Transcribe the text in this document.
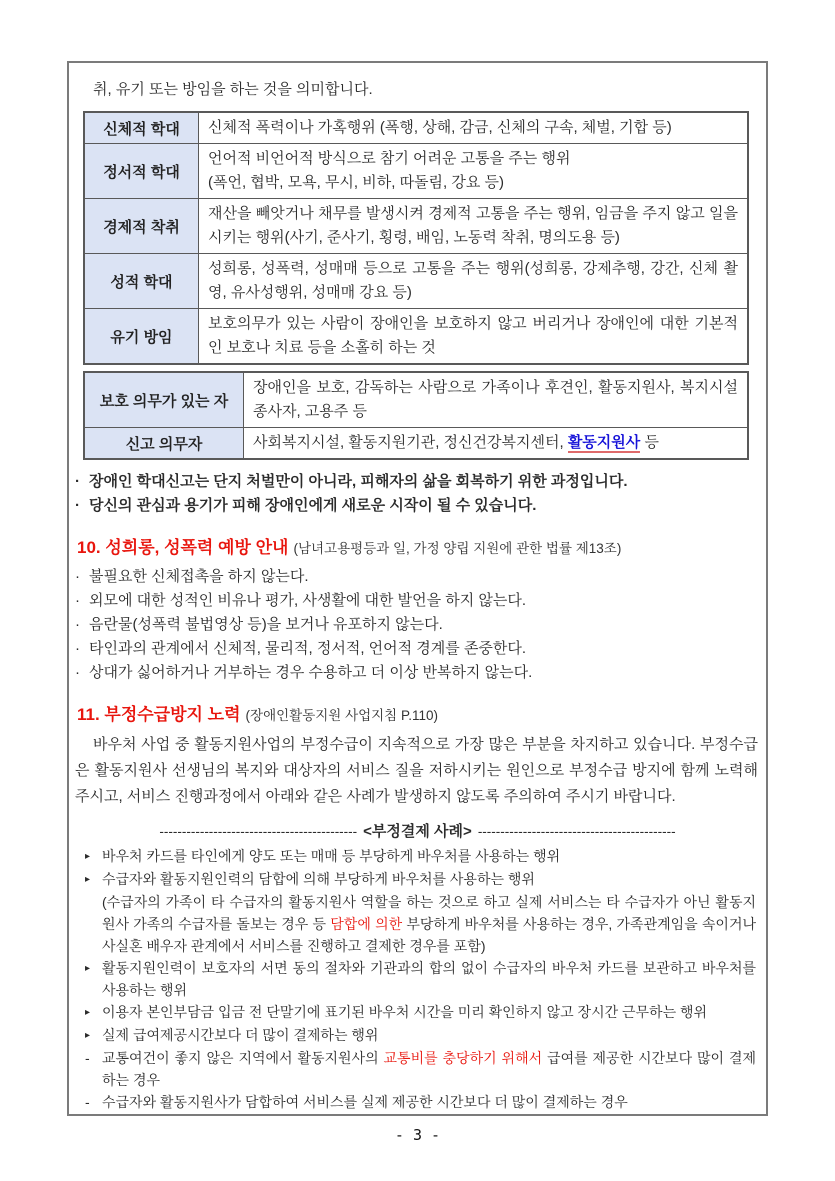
취, 유기 또는 방임을 하는 것을 의미합니다.
신체적 학대	신체적 폭력이나 가혹행위 (폭행, 상해, 감금, 신체의 구속, 체벌, 기합 등)
정서적 학대	언어적 비언어적 방식으로 참기 어려운 고통을 주는 행위
(폭언, 협박, 모욕, 무시, 비하, 따돌림, 강요 등)

경제적 착취	재산을 빼앗거나 채무를 발생시켜 경제적 고통을 주는 행위, 임금을 주지 않고 일을 시키는 행위(사기, 준사기, 횡령, 배임, 노동력 착취, 명의도용 등)
성적 학대	성희롱, 성폭력, 성매매 등으로 고통을 주는 행위(성희롱, 강제추행, 강간, 신체 촬영, 유사성행위, 성매매 강요 등)
유기 방임	보호의무가 있는 사람이 장애인을 보호하지 않고 버리거나 장애인에 대한 기본적인 보호나 치료 등을 소홀히 하는 것
보호 의무가 있는 자	장애인을 보호, 감독하는 사람으로 가족이나 후견인, 활동지원사, 복지시설종사자, 고용주 등
신고 의무자	사회복지시설, 활동지원기관, 정신건강복지센터, 활동지원사 등
· 장애인 학대신고는 단지 처벌만이 아니라, 피해자의 삶을 회복하기 위한 과정입니다.
· 당신의 관심과 용기가 피해 장애인에게 새로운 시작이 될 수 있습니다.
10. 성희롱, 성폭력 예방 안내 (남녀고용평등과 일, 가정 양립 지원에 관한 법률 제13조)
· 불필요한 신체접촉을 하지 않는다.
· 외모에 대한 성적인 비유나 평가, 사생활에 대한 발언을 하지 않는다.
· 음란물(성폭력 불법영상 등)을 보거나 유포하지 않는다.
· 타인과의 관계에서 신체적, 물리적, 정서적, 언어적 경계를 존중한다.
· 상대가 싫어하거나 거부하는 경우 수용하고 더 이상 반복하지 않는다.
11. 부정수급방지 노력 (장애인활동지원 사업지침 P.110)
바우처 사업 중 활동지원사업의 부정수급이 지속적으로 가장 많은 부분을 차지하고 있습니다. 부정수급은 활동지원사 선생님의 복지와 대상자의 서비스 질을 저하시키는 원인으로 부정수급 방지에 함께 노력해주시고, 서비스 진행과정에서 아래와 같은 사례가 발생하지 않도록 주의하여 주시기 바랍니다.
-------------------------------------------- <부정결제 사례> --------------------------------------------
▸ 바우처 카드를 타인에게 양도 또는 매매 등 부당하게 바우처를 사용하는 행위
▸ 수급자와 활동지원인력의 담합에 의해 부당하게 바우처를 사용하는 행위
(수급자의 가족이 타 수급자의 활동지원사 역할을 하는 것으로 하고 실제 서비스는 타 수급자가 아닌 활동지원사 가족의 수급자를 돌보는 경우 등 담합에 의한 부당하게 바우처를 사용하는 경우, 가족관계임을 속이거나 사실혼 배우자 관계에서 서비스를 진행하고 결제한 경우를 포함)
▸ 활동지원인력이 보호자의 서면 동의 절차와 기관과의 합의 없이 수급자의 바우처 카드를 보관하고 바우처를 사용하는 행위
▸ 이용자 본인부담금 입금 전 단말기에 표기된 바우처 시간을 미리 확인하지 않고 장시간 근무하는 행위
▸ 실제 급여제공시간보다 더 많이 결제하는 행위
- 교통여건이 좋지 않은 지역에서 활동지원사의 교통비를 충당하기 위해서 급여를 제공한 시간보다 많이 결제하는 경우
- 수급자와 활동지원사가 담합하여 서비스를 실제 제공한 시간보다 더 많이 결제하는 경우
- 3 -
